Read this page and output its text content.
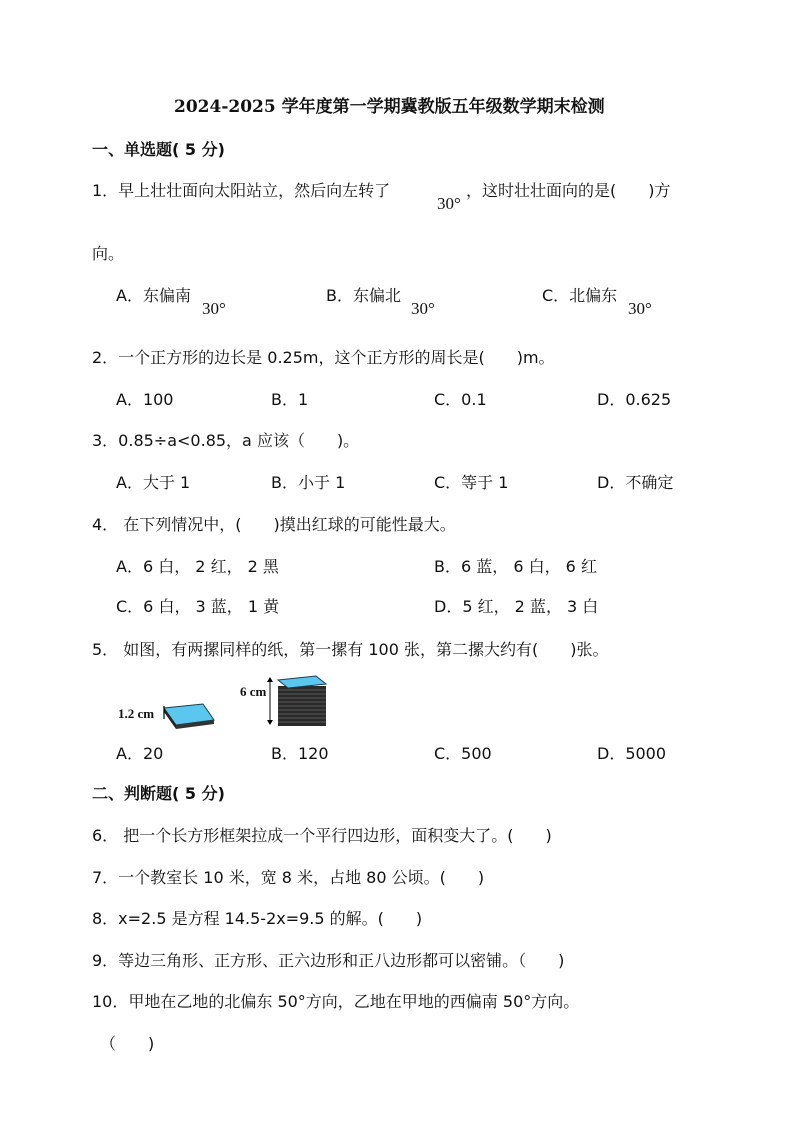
2024-2025 学年度第一学期冀教版五年级数学期末检测
一、单选题( 5 分)
1．早上壮壮面向太阳站立，然后向左转了
30°
，这时壮壮面向的是(　　)方
向。
A．东偏南
30°
B．东偏北
30°
C．北偏东
30°
2．一个正方形的边长是 0.25m，这个正方形的周长是(　　)m。
A．100	B．1	C．0.1	D．0.625
3．0.85÷a<0.85，a 应该（　　)。
A．大于 1	B．小于 1	C．等于 1	D．不确定
4． 在下列情况中，(　　)摸出红球的可能性最大。
A．6 白， 2 红， 2 黑	B．6 蓝， 6 白， 6 红
C．6 白， 3 蓝， 1 黄	D．5 红， 2 蓝， 3 白
5． 如图，有两摞同样的纸，第一摞有 100 张，第二摞大约有(　　)张。
1.2 cm
6 cm
A．20	B．120	C．500	D．5000
二、判断题( 5 分)
6． 把一个长方形框架拉成一个平行四边形，面积变大了。(　　)
7．一个教室长 10 米，宽 8 米，占地 80 公顷。(　　)
8．x=2.5 是方程 14.5-2x=9.5 的解。(　　)
9．等边三角形、正方形、正六边形和正八边形都可以密铺。（　　)
10．甲地在乙地的北偏东 50°方向，乙地在甲地的西偏南 50°方向。
（　　)
